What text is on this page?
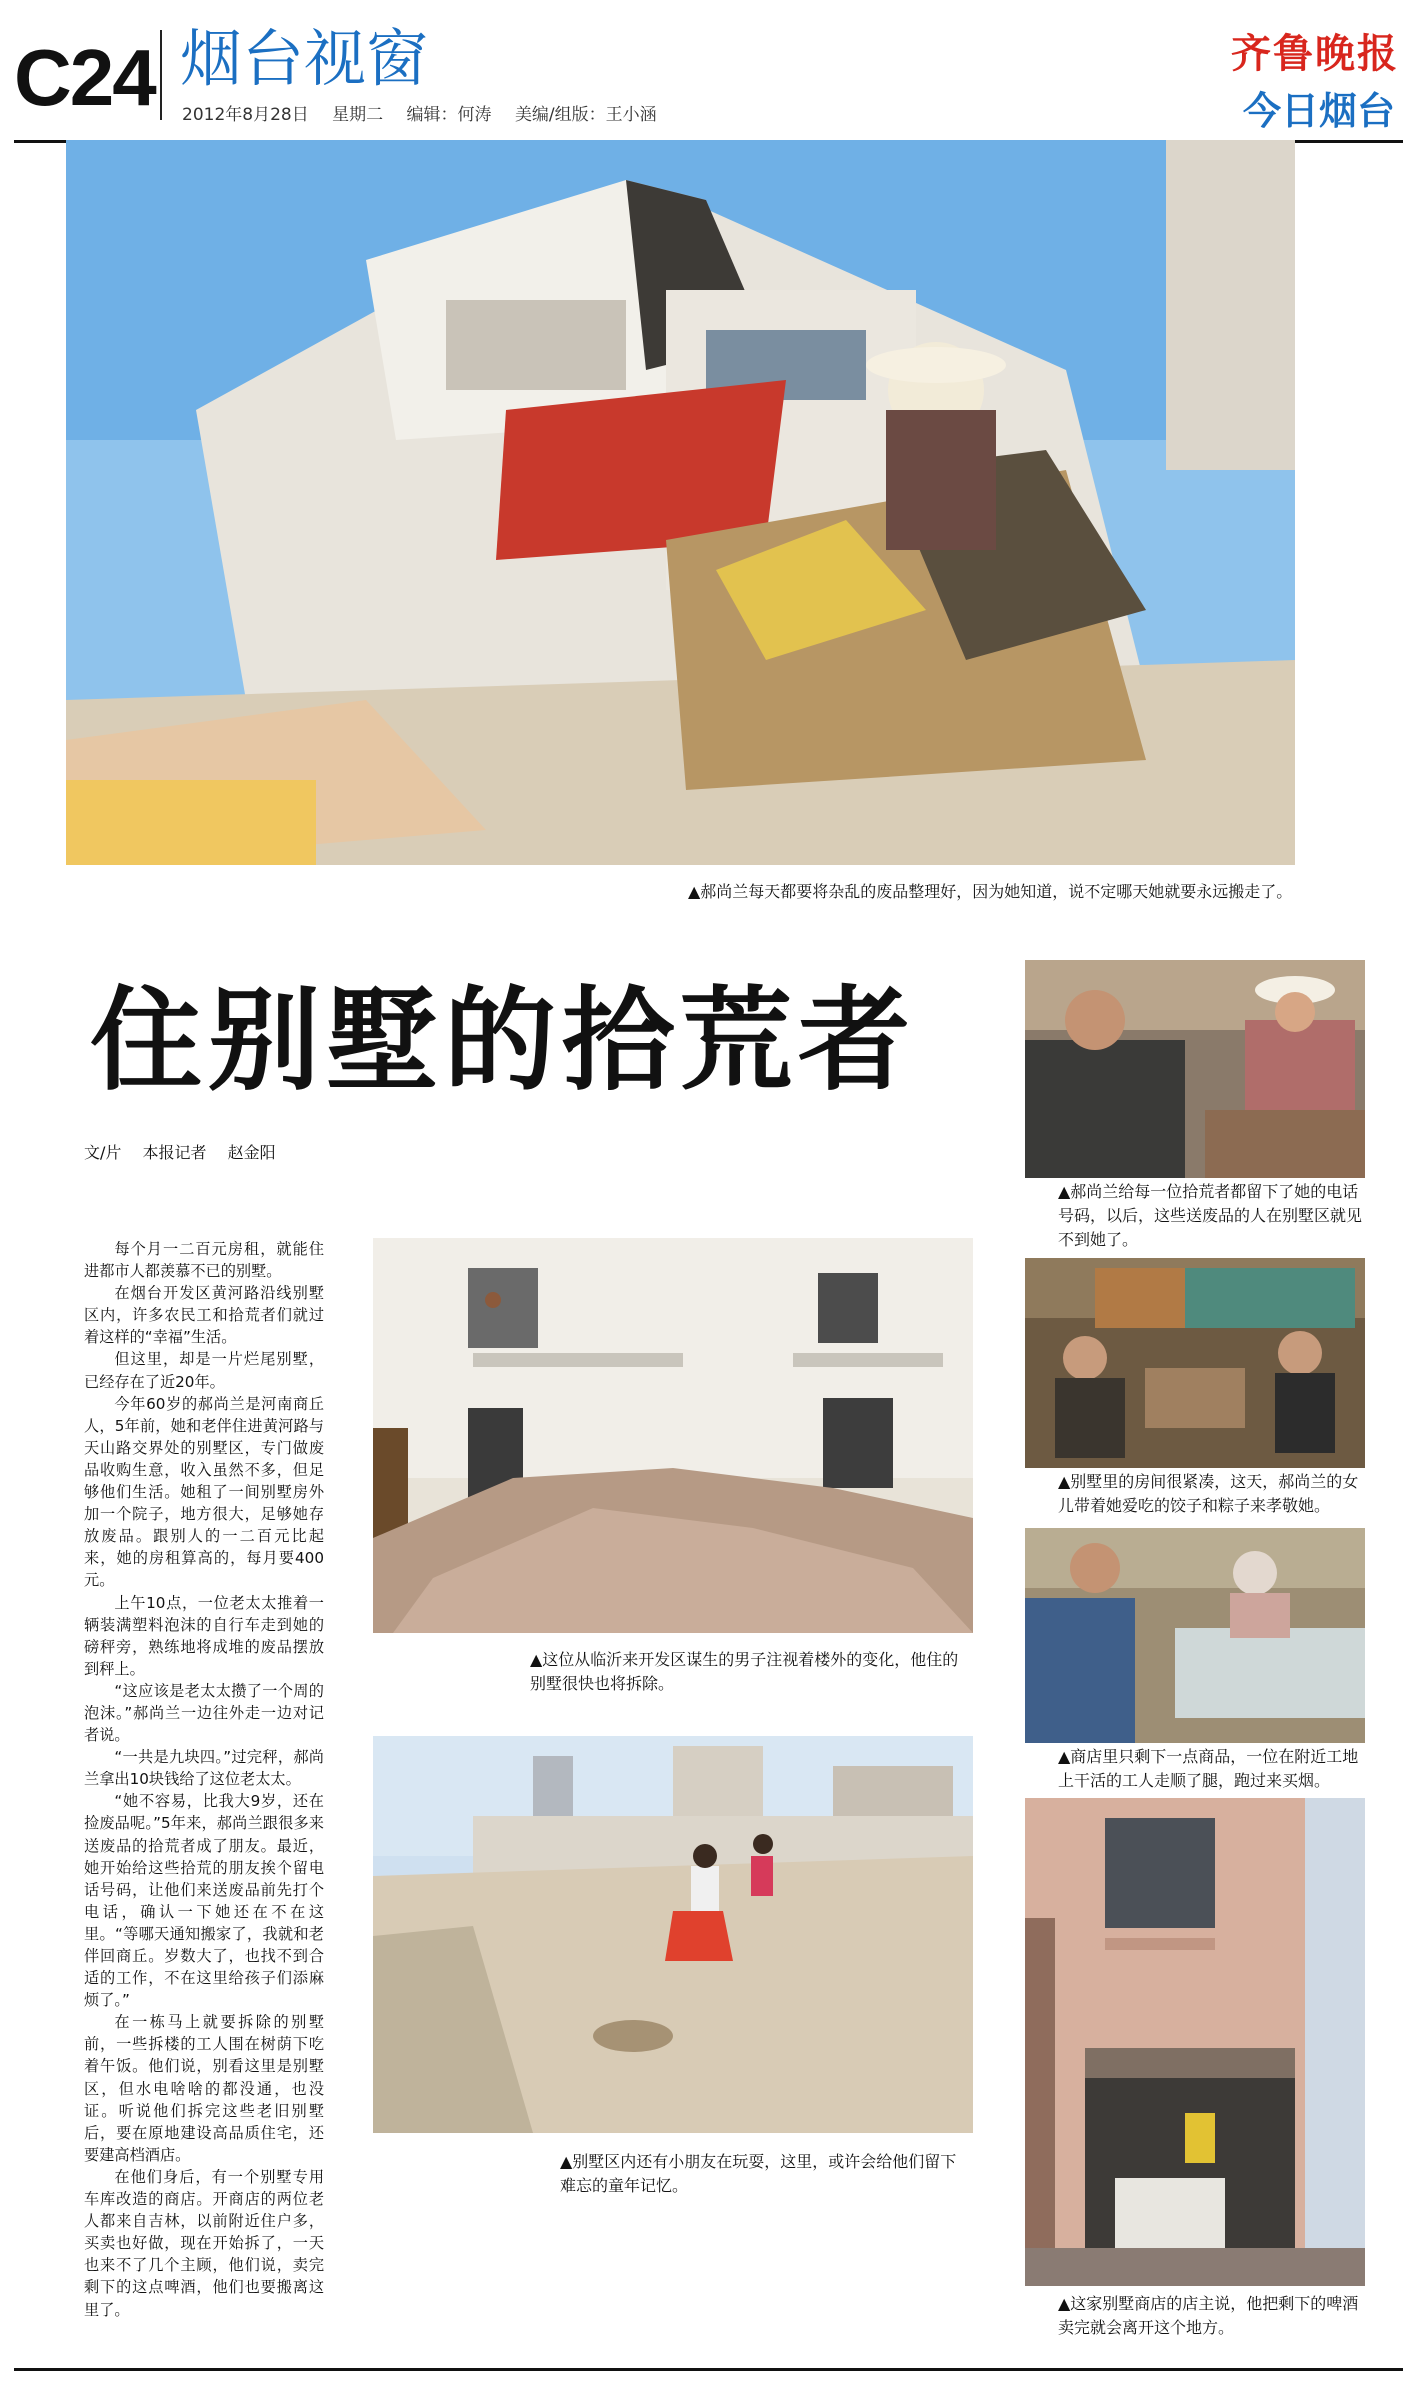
C24 烟台视窗
2012年8月28日 星期二 编辑：何涛 美编/组版：王小涵
齐鲁晚报
今日烟台
▲郝尚兰每天都要将杂乱的废品整理好，因为她知道，说不定哪天她就要永远搬走了。
住别墅的拾荒者
文/片 本报记者 赵金阳

每个月一二百元房租，就能住进都市人都羡慕不已的别墅。

在烟台开发区黄河路沿线别墅区内，许多农民工和拾荒者们就过着这样的“幸福”生活。

但这里，却是一片烂尾别墅，已经存在了近20年。

今年60岁的郝尚兰是河南商丘人，5年前，她和老伴住进黄河路与天山路交界处的别墅区，专门做废品收购生意，收入虽然不多，但足够他们生活。她租了一间别墅房外加一个院子，地方很大，足够她存放废品。跟别人的一二百元比起来，她的房租算高的，每月要400元。

上午10点，一位老太太推着一辆装满塑料泡沫的自行车走到她的磅秤旁，熟练地将成堆的废品摆放到秤上。

“这应该是老太太攒了一个周的泡沫。”郝尚兰一边往外走一边对记者说。

“一共是九块四。”过完秤，郝尚兰拿出10块钱给了这位老太太。

“她不容易，比我大9岁，还在捡废品呢。”5年来，郝尚兰跟很多来送废品的拾荒者成了朋友。最近，她开始给这些拾荒的朋友挨个留电话号码，让他们来送废品前先打个电话，确认一下她还在不在这里。“等哪天通知搬家了，我就和老伴回商丘。岁数大了，也找不到合适的工作，不在这里给孩子们添麻烦了。”

在一栋马上就要拆除的别墅前，一些拆楼的工人围在树荫下吃着午饭。他们说，别看这里是别墅区，但水电啥啥的都没通，也没证。听说他们拆完这些老旧别墅后，要在原地建设高品质住宅，还要建高档酒店。

在他们身后，有一个别墅专用车库改造的商店。开商店的两位老人都来自吉林，以前附近住户多，买卖也好做，现在开始拆了，一天也来不了几个主顾，他们说，卖完剩下的这点啤酒，他们也要搬离这里了。

▲这位从临沂来开发区谋生的男子注视着楼外的变化，他住的别墅很快也将拆除。
▲别墅区内还有小朋友在玩耍，这里，或许会给他们留下难忘的童年记忆。
▲郝尚兰给每一位拾荒者都留下了她的电话号码，以后，这些送废品的人在别墅区就见不到她了。
▲别墅里的房间很紧凑，这天，郝尚兰的女儿带着她爱吃的饺子和粽子来孝敬她。
▲商店里只剩下一点商品，一位在附近工地上干活的工人走顺了腿，跑过来买烟。
▲这家别墅商店的店主说，他把剩下的啤酒卖完就会离开这个地方。
